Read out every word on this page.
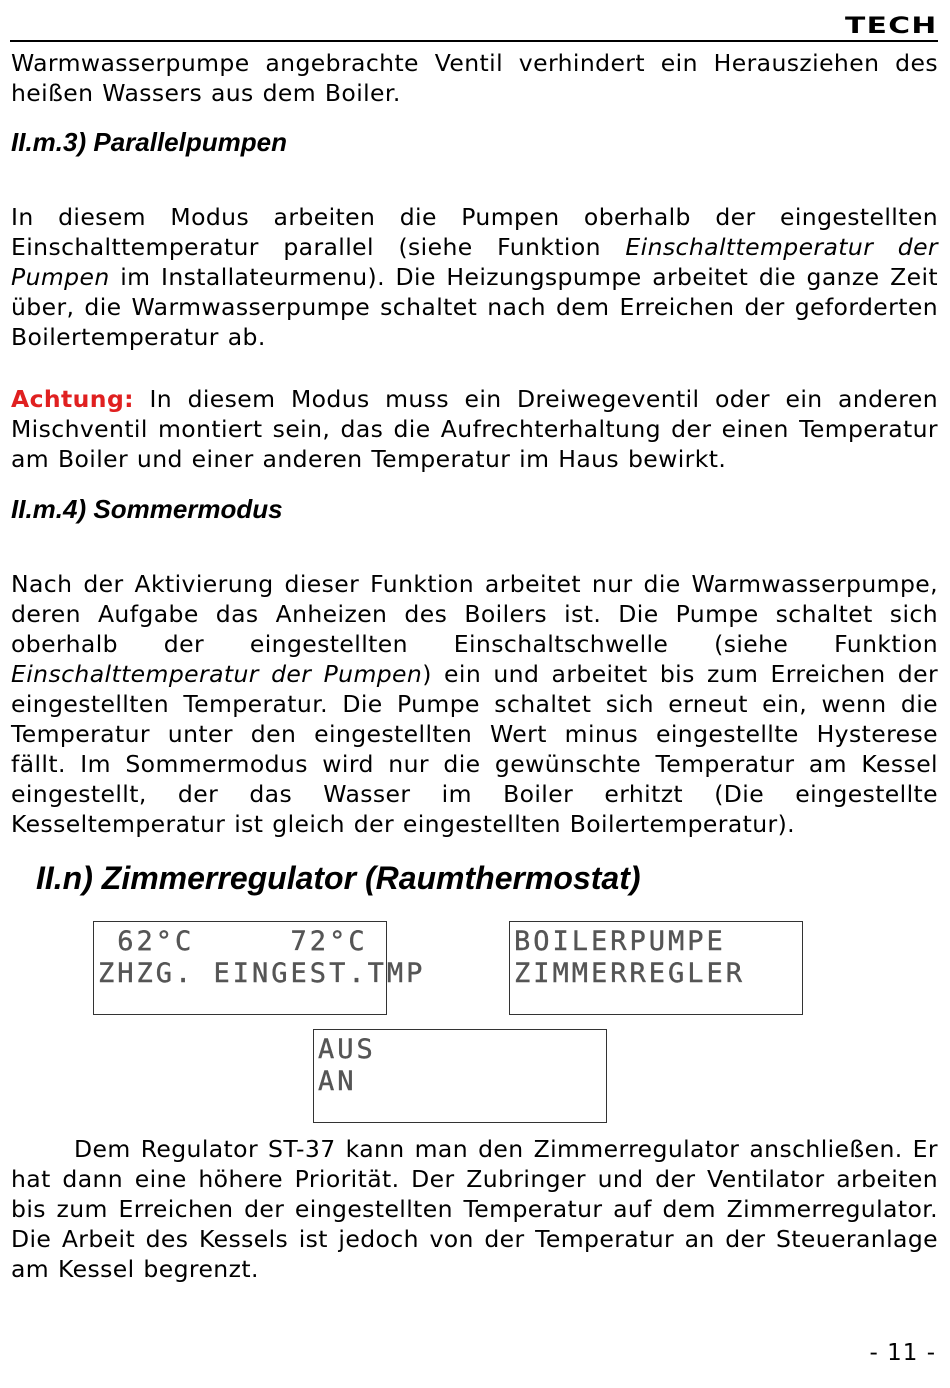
TECH

Warmwasserpumpe angebrachte Ventil verhindert ein Herausziehen des heißen Wassers aus dem Boiler.

II.m.3) Parallelpumpen

In diesem Modus arbeiten die Pumpen oberhalb der eingestellten Einschalttemperatur parallel (siehe Funktion Einschalttemperatur der Pumpen im Installateurmenu). Die Heizungspumpe arbeitet die ganze Zeit über, die Warmwasserpumpe schaltet nach dem Erreichen der geforderten Boilertemperatur ab.

Achtung: In diesem Modus muss ein Dreiwegeventil oder ein anderen Mischventil montiert sein, das die Aufrechterhaltung der einen Temperatur am Boiler und einer anderen Temperatur im Haus bewirkt.

II.m.4) Sommermodus

Nach der Aktivierung dieser Funktion arbeitet nur die Warmwasserpumpe, deren Aufgabe das Anheizen des Boilers ist. Die Pumpe schaltet sich oberhalb der eingestellten Einschaltschwelle (siehe Funktion Einschalttemperatur der Pumpen) ein und arbeitet bis zum Erreichen der eingestellten Temperatur. Die Pumpe schaltet sich erneut ein, wenn die Temperatur unter den eingestellten Wert minus eingestellte Hysterese fällt. Im Sommermodus wird nur die gewünschte Temperatur am Kessel eingestellt, der das Wasser im Boiler erhitzt (Die eingestellte Kesseltemperatur ist gleich der eingestellten Boilertemperatur).

II.n) Zimmerregulator (Raumthermostat)
62°C     72°C
ZHZG. EINGEST.TMP
BOILERPUMPE
ZIMMERREGLER
AUS
AN

Dem Regulator ST-37 kann man den Zimmerregulator anschließen. Er hat dann eine höhere Priorität. Der Zubringer und der Ventilator arbeiten bis zum Erreichen der eingestellten Temperatur auf dem Zimmerregulator. Die Arbeit des Kessels ist jedoch von der Temperatur an der Steueranlage am Kessel begrenzt.

- 11 -
